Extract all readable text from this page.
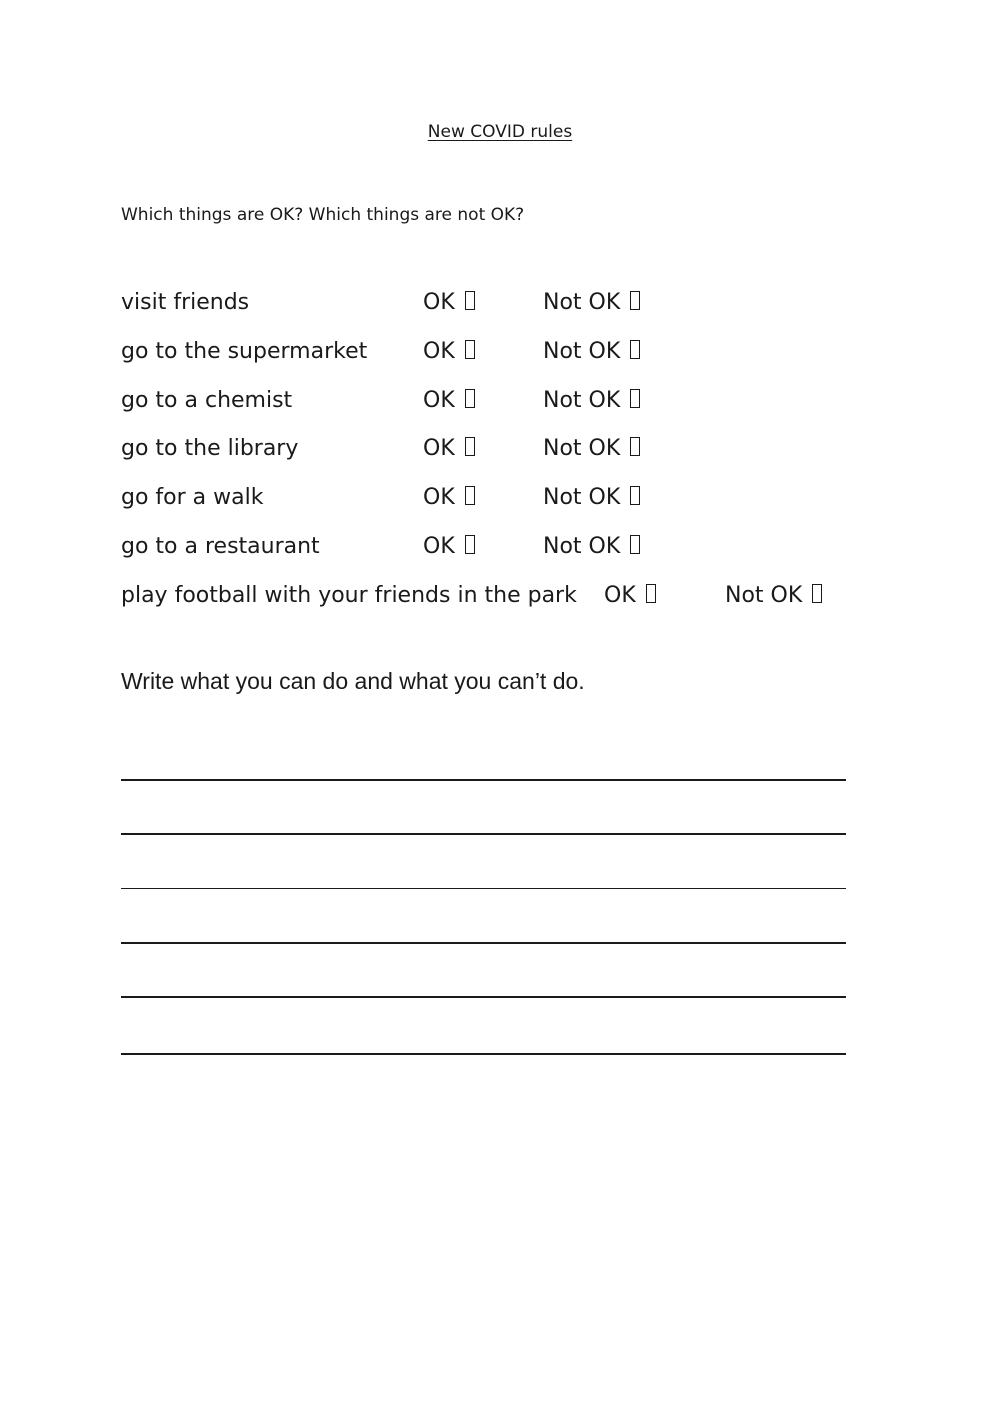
New COVID rules
Which things are OK? Which things are not OK?
visit friends	OK	Not OK
go to the supermarket	OK	Not OK
go to a chemist	OK	Not OK
go to the library	OK	Not OK
go for a walk	OK	Not OK
go to a restaurant	OK	Not OK
play football with your friends in the park OK	Not OK
Write what you can do and what you can’t do.
